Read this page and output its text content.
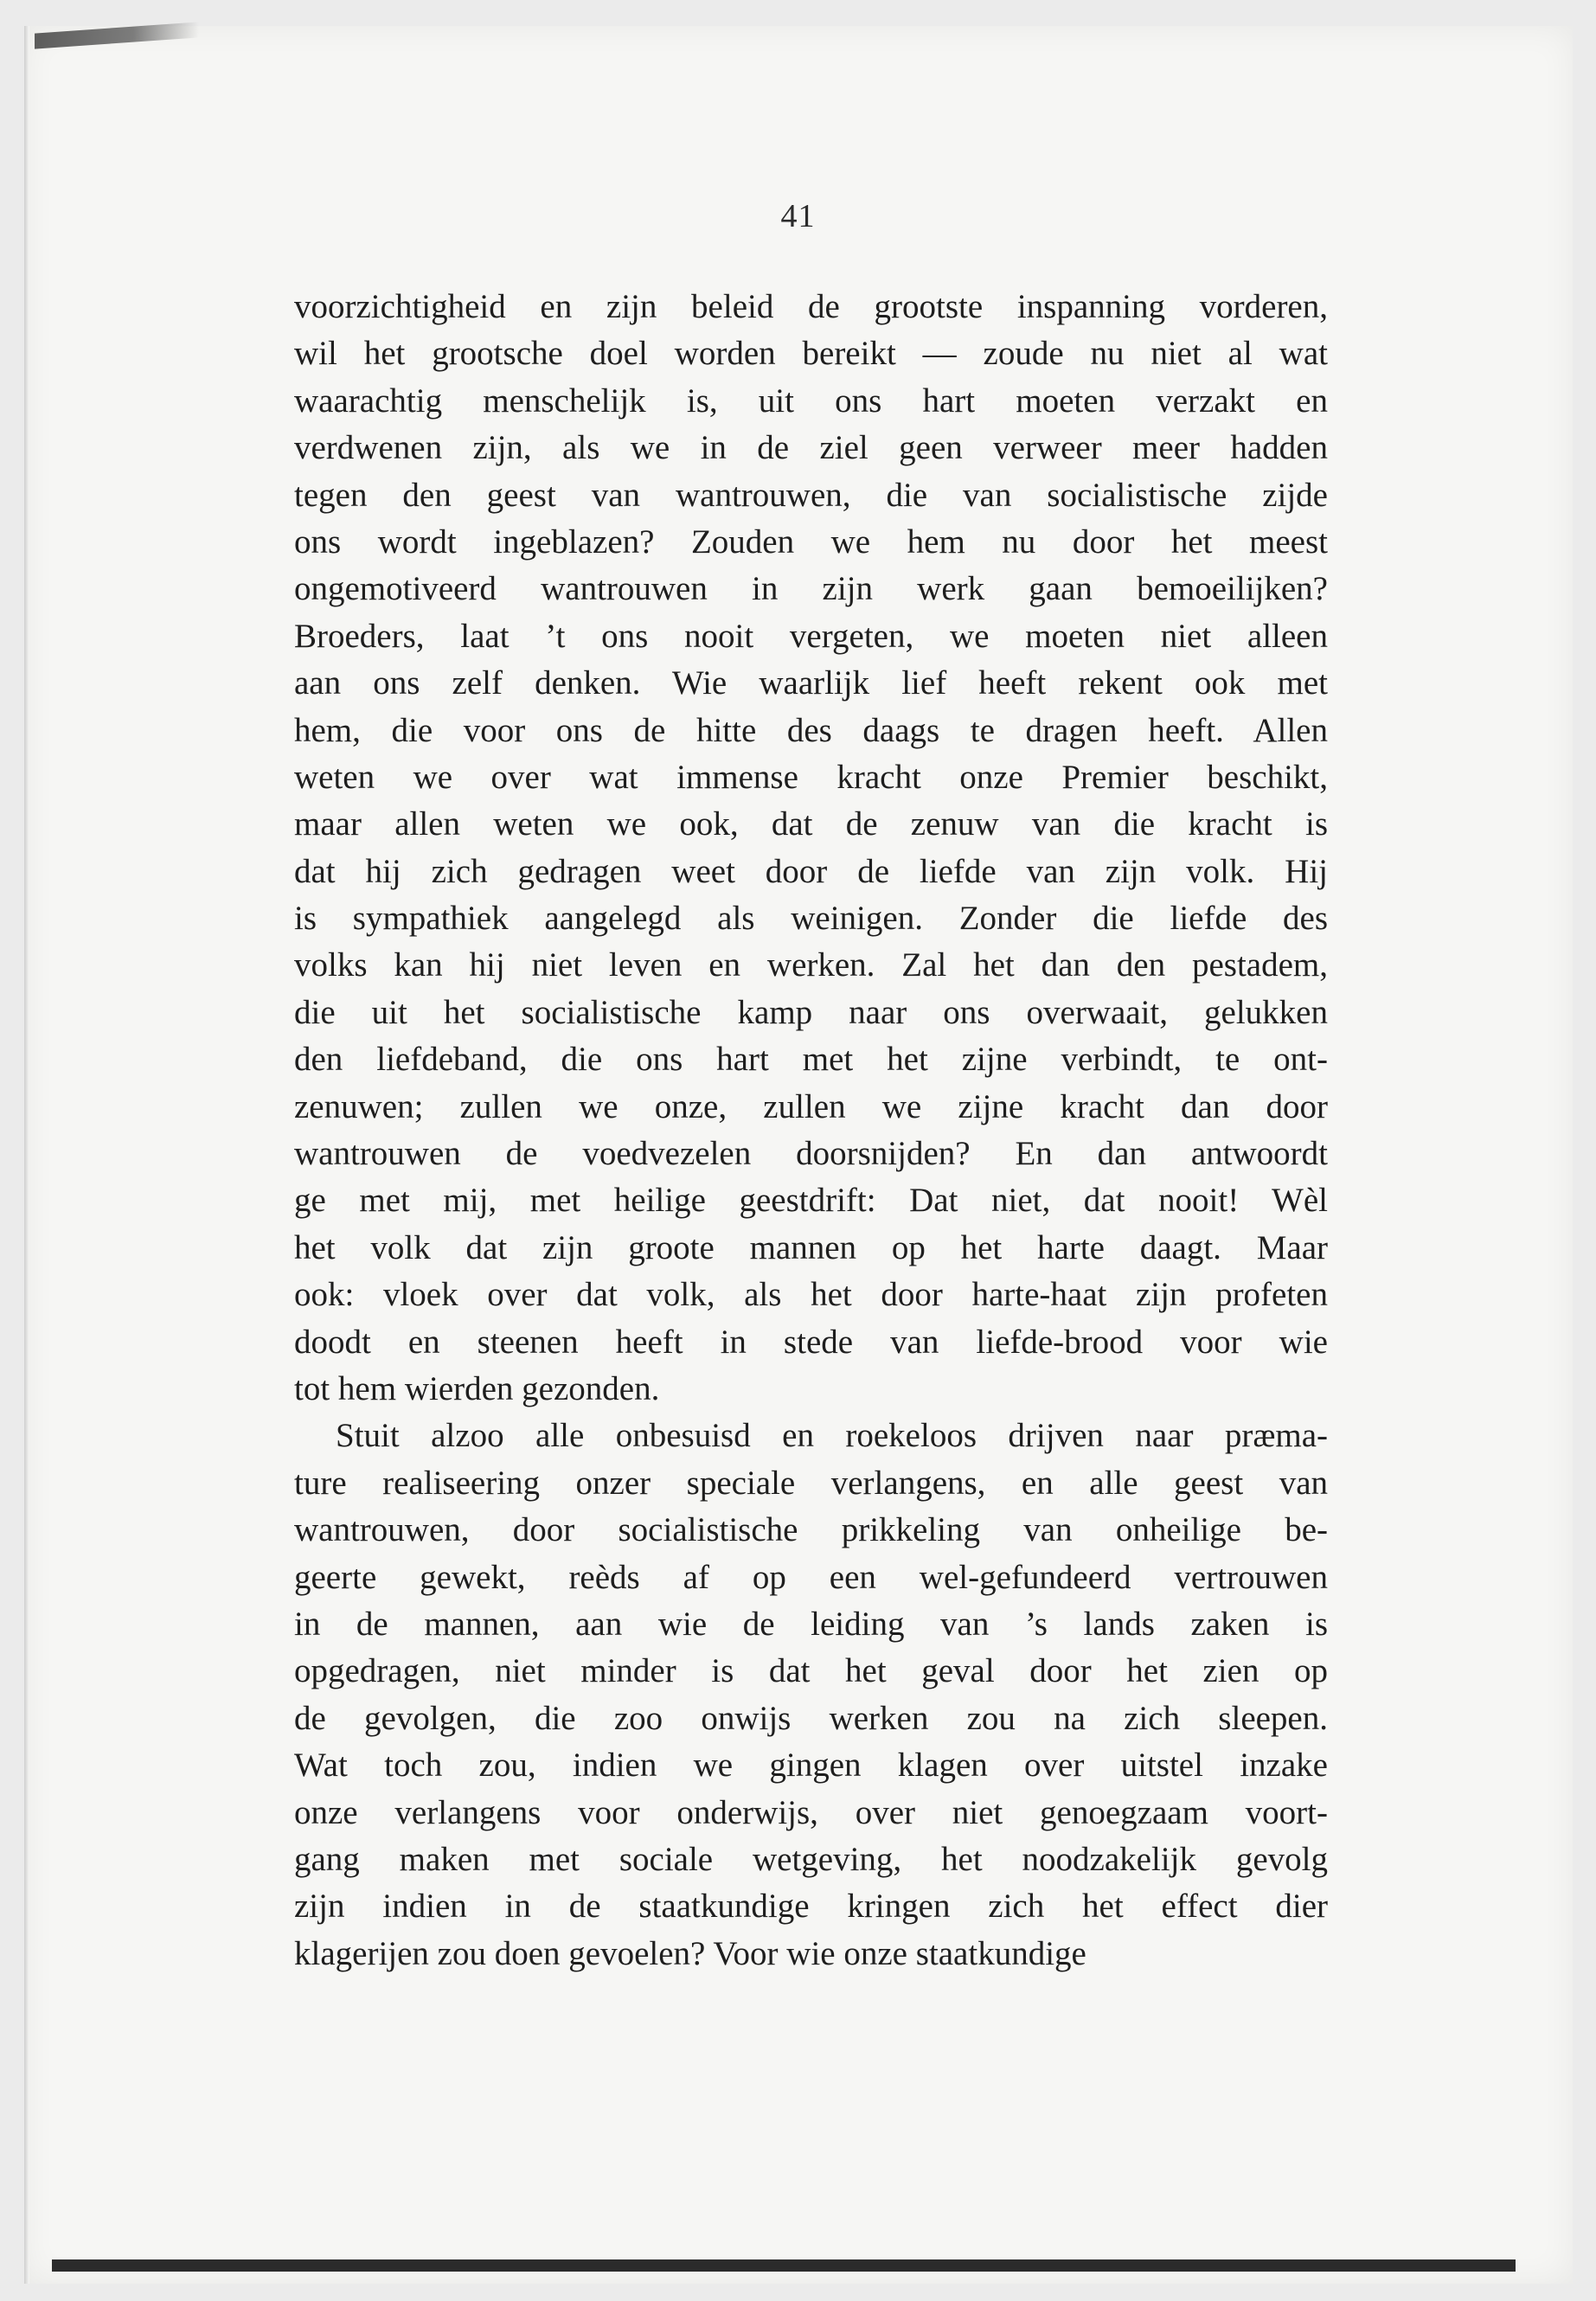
41
voorzichtigheid en zijn beleid de grootste inspanning vorderen,
wil het grootsche doel worden bereikt — zoude nu niet al wat
waarachtig menschelijk is, uit ons hart moeten verzakt en
verdwenen zijn, als we in de ziel geen verweer meer hadden
tegen den geest van wantrouwen, die van socialistische zijde
ons wordt ingeblazen? Zouden we hem nu door het meest
ongemotiveerd wantrouwen in zijn werk gaan bemoeilijken?
Broeders, laat ’t ons nooit vergeten, we moeten niet alleen
aan ons zelf denken. Wie waarlijk lief heeft rekent ook met
hem, die voor ons de hitte des daags te dragen heeft. Allen
weten we over wat immense kracht onze Premier beschikt,
maar allen weten we ook, dat de zenuw van die kracht is
dat hij zich gedragen weet door de liefde van zijn volk. Hij
is sympathiek aangelegd als weinigen. Zonder die liefde des
volks kan hij niet leven en werken. Zal het dan den pestadem,
die uit het socialistische kamp naar ons overwaait, gelukken
den liefdeband, die ons hart met het zijne verbindt, te ont-
zenuwen; zullen we onze, zullen we zijne kracht dan door
wantrouwen de voedvezelen doorsnijden? En dan antwoordt
ge met mij, met heilige geestdrift: Dat niet, dat nooit! Wèl
het volk dat zijn groote mannen op het harte daagt. Maar
ook: vloek over dat volk, als het door harte-haat zijn profeten
doodt en steenen heeft in stede van liefde-brood voor wie
tot hem wierden gezonden.
Stuit alzoo alle onbesuisd en roekeloos drijven naar præma-
ture realiseering onzer speciale verlangens, en alle geest van
wantrouwen, door socialistische prikkeling van onheilige be-
geerte gewekt, reèds af op een wel-gefundeerd vertrouwen
in de mannen, aan wie de leiding van ’s lands zaken is
opgedragen, niet minder is dat het geval door het zien op
de gevolgen, die zoo onwijs werken zou na zich sleepen.
Wat toch zou, indien we gingen klagen over uitstel inzake
onze verlangens voor onderwijs, over niet genoegzaam voort-
gang maken met sociale wetgeving, het noodzakelijk gevolg
zijn indien in de staatkundige kringen zich het effect dier
klagerijen zou doen gevoelen? Voor wie onze staatkundige
